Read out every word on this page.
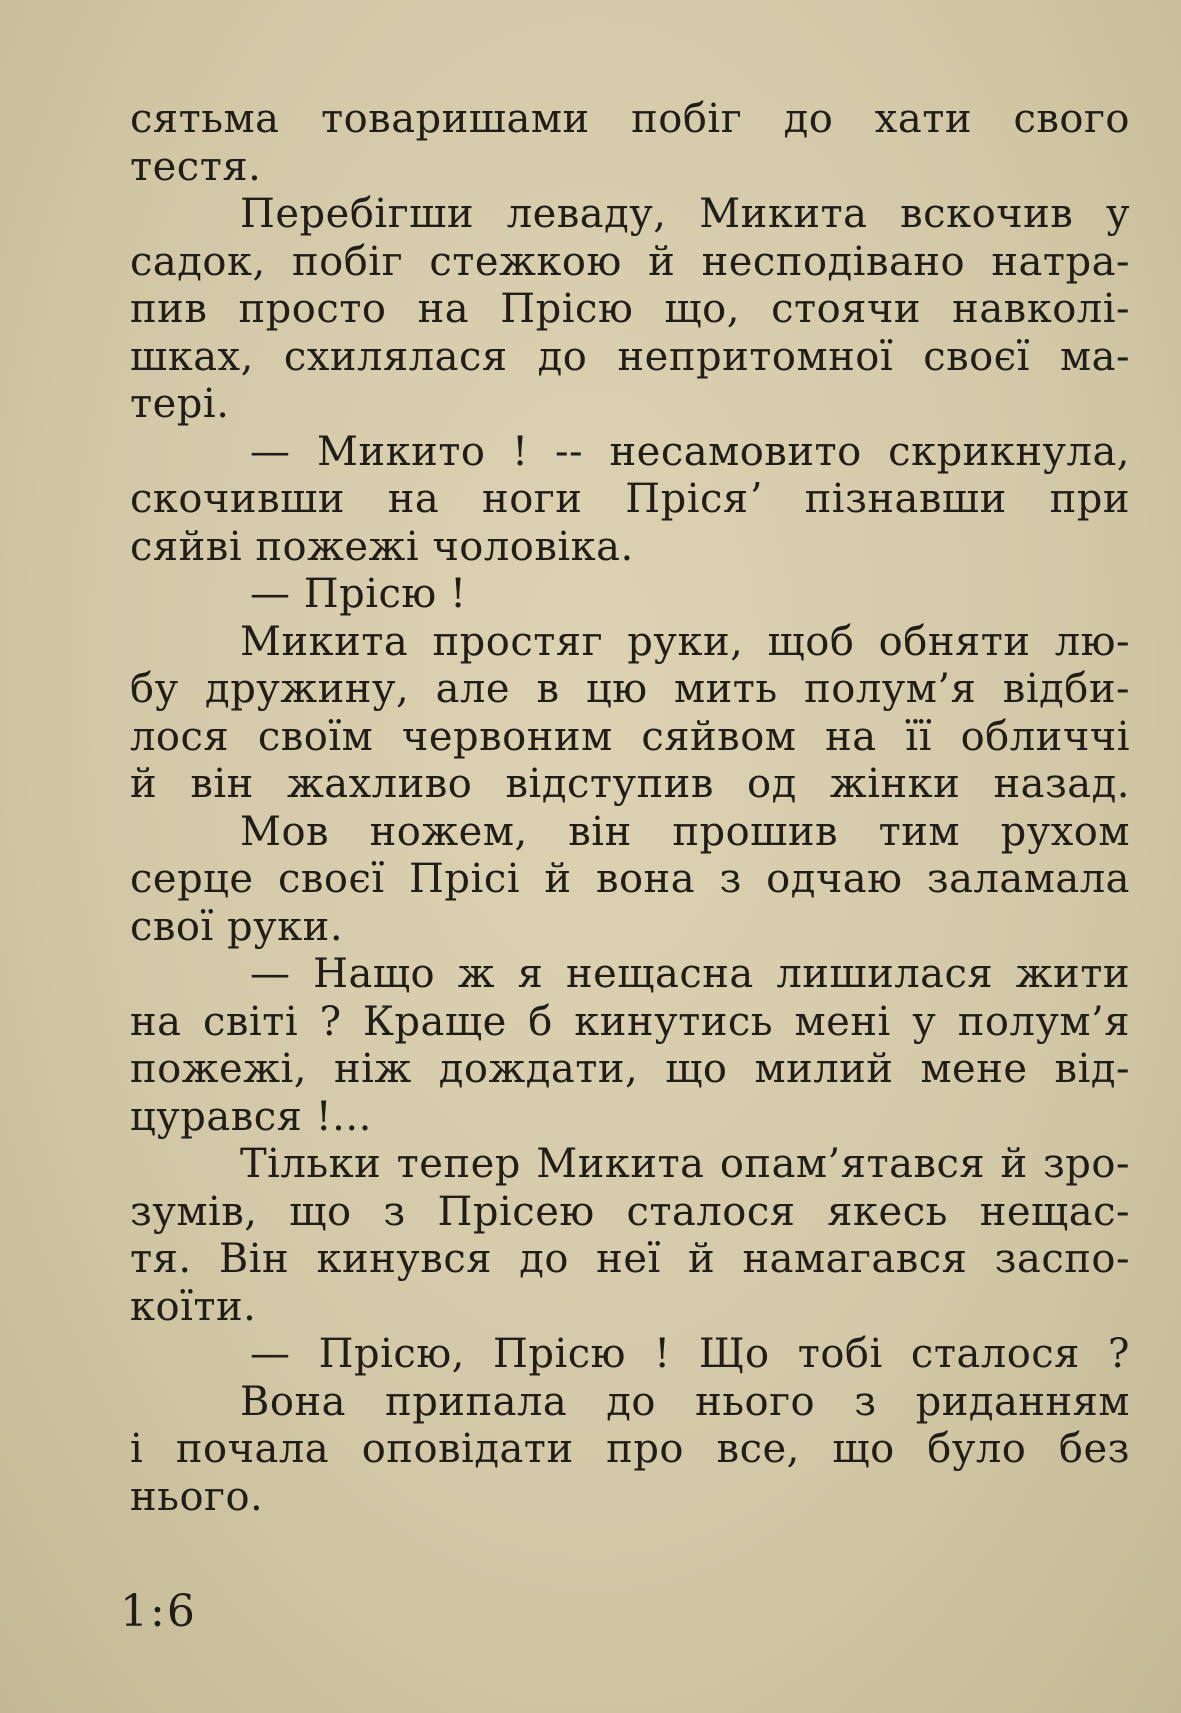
сятьма товаришами побіг до хати свого
тестя.
Перебігши леваду, Микита вскочив у
садок, побіг стежкою й несподівано натра-
пив просто на Прісю що, стоячи навколі-
шках, схилялася до непритомної своєї ма-
тері.
— Микито ! -- несамовито скрикнула,
скочивши на ноги Прісяʼ пізнавши при
сяйві пожежі чоловіка.
— Прісю !
Микита простяг руки, щоб обняти лю-
бу дружину, але в цю мить полум’я відби-
лося своїм червоним сяйвом на її обличчі
й він жахливо відступив од жінки назад.
Мов ножем, він прошив тим рухом
серце своєї Прісі й вона з одчаю заламала
свої руки.
— Нащо ж я нещасна лишилася жити
на світі ? Краще б кинутись мені у полум’я
пожежі, ніж дождати, що милий мене від-
цурався !...
Тільки тепер Микита опам’ятався й зро-
зумів, що з Прісею сталося якесь нещас-
тя. Він кинувся до неї й намагався заспо-
коїти.
— Прісю, Прісю ! Що тобі сталося ?
Вона припала до нього з риданням
і почала оповідати про все, що було без
нього.
1:6
